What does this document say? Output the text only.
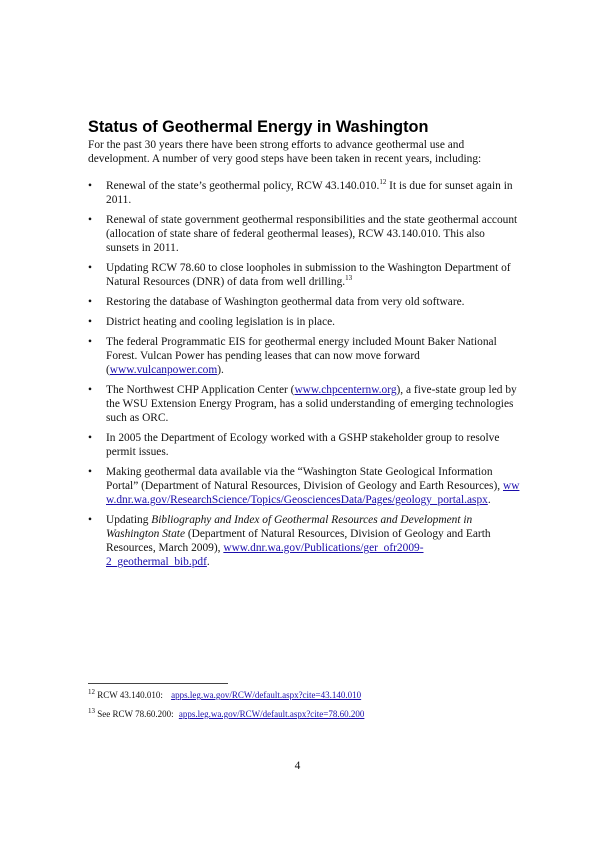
Status of Geothermal Energy in Washington

For the past 30 years there have been strong efforts to advance geothermal use and development. A number of very good steps have been taken in recent years, including:

• Renewal of the state’s geothermal policy, RCW 43.140.010.12 It is due for sunset again in 2011.
• Renewal of state government geothermal responsibilities and the state geothermal account (allocation of state share of federal geothermal leases), RCW 43.140.010. This also sunsets in 2011.
• Updating RCW 78.60 to close loopholes in submission to the Washington Department of Natural Resources (DNR) of data from well drilling.$^{13}$
• Restoring the database of Washington geothermal data from very old software.
• District heating and cooling legislation is in place.
• The federal Programmatic EIS for geothermal energy included Mount Baker National Forest. Vulcan Power has pending leases that can now move forward (www.vulcanpower.com).
• The Northwest CHP Application Center (www.chpcenternw.org), a five-state group led by the WSU Extension Energy Program, has a solid understanding of emerging technologies such as ORC.
• In 2005 the Department of Ecology worked with a GSHP stakeholder group to resolve permit issues.
• Making geothermal data available via the “Washington State Geological Information Portal” (Department of Natural Resources, Division of Geology and Earth Resources), www.dnr.wa.gov/ResearchScience/Topics/GeosciencesData/Pages/geology_portal.aspx.
• Updating Bibliography and Index of Geothermal Resources and Development in Washington State (Department of Natural Resources, Division of Geology and Earth Resources, March 2009), www.dnr.wa.gov/Publications/ger_ofr2009-2_geothermal_bib.pdf.
$^{12}$ RCW 43.140.010: apps.leg.wa.gov/RCW/default.aspx?cite=43.140.010
$^{13}$ See RCW 78.60.200: apps.leg.wa.gov/RCW/default.aspx?cite=78.60.200
4
